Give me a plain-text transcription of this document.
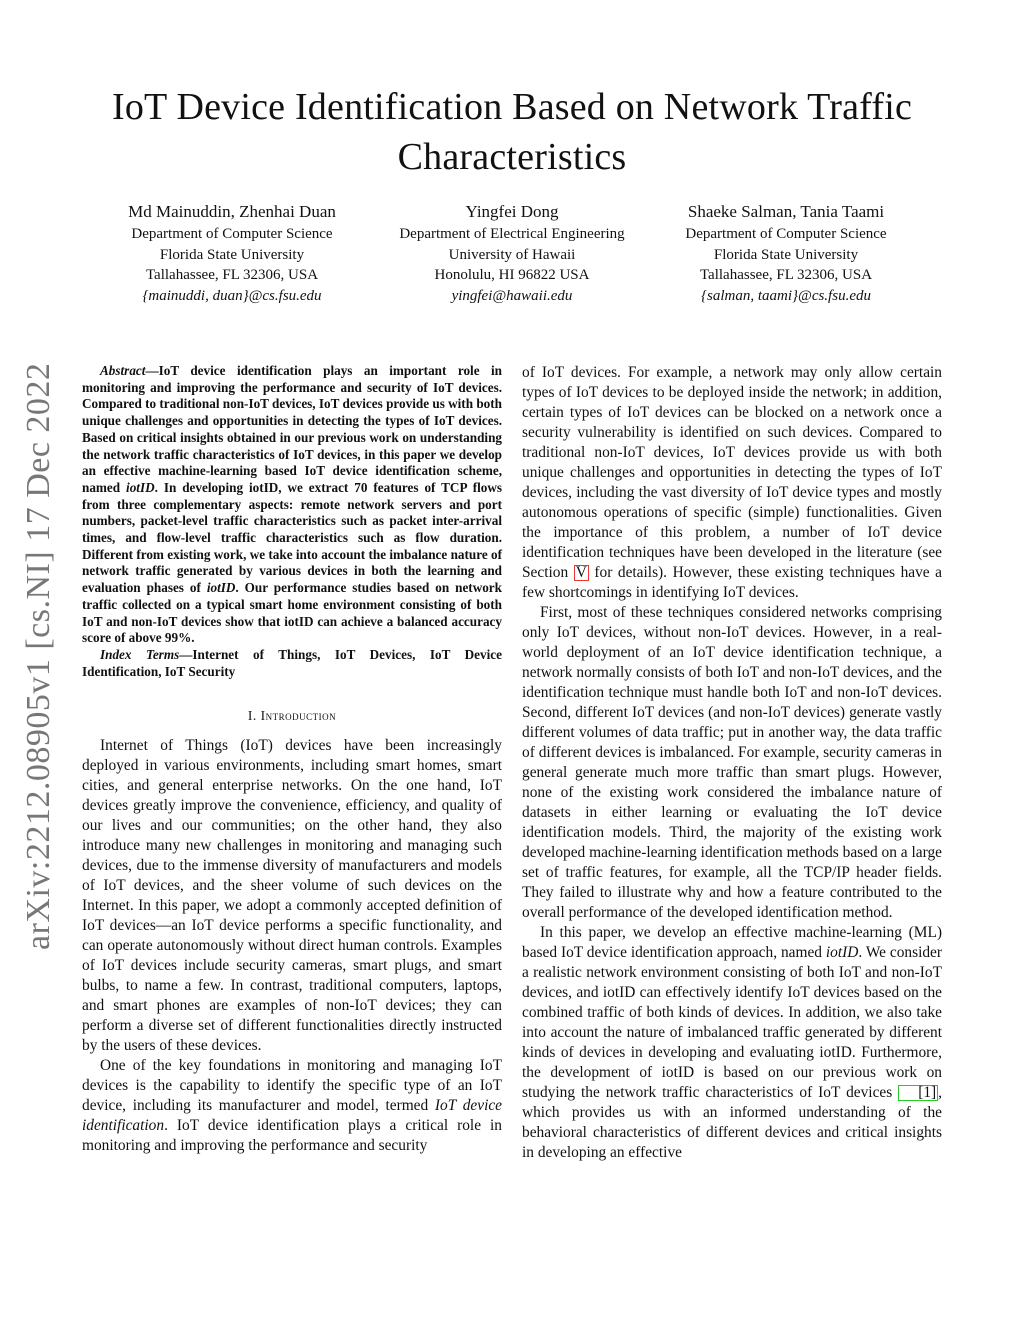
IoT Device Identification Based on Network Traffic Characteristics
Md Mainuddin, Zhenhai Duan
Department of Computer Science
Florida State University
Tallahassee, FL 32306, USA
{mainuddi, duan}@cs.fsu.edu
Yingfei Dong
Department of Electrical Engineering
University of Hawaii
Honolulu, HI 96822 USA
yingfei@hawaii.edu
Shaeke Salman, Tania Taami
Department of Computer Science
Florida State University
Tallahassee, FL 32306, USA
{salman, taami}@cs.fsu.edu
arXiv:2212.08905v1 [cs.NI] 17 Dec 2022	Abstract—IoT device identification plays an important role in monitoring and improving the performance and security of IoT devices. Compared to traditional non-IoT devices, IoT devices provide us with both unique challenges and opportunities in detecting the types of IoT devices. Based on critical insights obtained in our previous work on understanding the network traffic characteristics of IoT devices, in this paper we develop an effective machine-learning based IoT device identification scheme, named iotID. In developing iotID, we extract 70 features of TCP flows from three complementary aspects: remote network servers and port numbers, packet-level traffic characteristics such as packet inter-arrival times, and flow-level traffic characteristics such as flow duration. Different from existing work, we take into account the imbalance nature of network traffic generated by various devices in both the learning and evaluation phases of iotID. Our performance studies based on network traffic collected on a typical smart home environment consisting of both IoT and non-IoT devices show that iotID can achieve a balanced accuracy score of above 99%.

Index Terms—Internet of Things, IoT Devices, IoT Device Identification, IoT Security

I. Introduction

Internet of Things (IoT) devices have been increasingly deployed in various environments, including smart homes, smart cities, and general enterprise networks. On the one hand, IoT devices greatly improve the convenience, efficiency, and quality of our lives and our communities; on the other hand, they also introduce many new challenges in monitoring and managing such devices, due to the immense diversity of manufacturers and models of IoT devices, and the sheer volume of such devices on the Internet. In this paper, we adopt a commonly accepted definition of IoT devices—an IoT device performs a specific functionality, and can operate autonomously without direct human controls. Examples of IoT devices include security cameras, smart plugs, and smart bulbs, to name a few. In contrast, traditional computers, laptops, and smart phones are examples of non-IoT devices; they can perform a diverse set of different functionalities directly instructed by the users of these devices.

One of the key foundations in monitoring and managing IoT devices is the capability to identify the specific type of an IoT device, including its manufacturer and model, termed IoT device identification. IoT device identification plays a critical role in monitoring and improving the performance and security

of IoT devices. For example, a network may only allow certain types of IoT devices to be deployed inside the network; in addition, certain types of IoT devices can be blocked on a network once a security vulnerability is identified on such devices. Compared to traditional non-IoT devices, IoT devices provide us with both unique challenges and opportunities in detecting the types of IoT devices, including the vast diversity of IoT device types and mostly autonomous operations of specific (simple) functionalities. Given the importance of this problem, a number of IoT device identification techniques have been developed in the literature (see Section V for details). However, these existing techniques have a few shortcomings in identifying IoT devices.

First, most of these techniques considered networks comprising only IoT devices, without non-IoT devices. However, in a real-world deployment of an IoT device identification technique, a network normally consists of both IoT and non-IoT devices, and the identification technique must handle both IoT and non-IoT devices. Second, different IoT devices (and non-IoT devices) generate vastly different volumes of data traffic; put in another way, the data traffic of different devices is imbalanced. For example, security cameras in general generate much more traffic than smart plugs. However, none of the existing work considered the imbalance nature of datasets in either learning or evaluating the IoT device identification models. Third, the majority of the existing work developed machine-learning identification methods based on a large set of traffic features, for example, all the TCP/IP header fields. They failed to illustrate why and how a feature contributed to the overall performance of the developed identification method.

In this paper, we develop an effective machine-learning (ML) based IoT device identification approach, named iotID. We consider a realistic network environment consisting of both IoT and non-IoT devices, and iotID can effectively identify IoT devices based on the combined traffic of both kinds of devices. In addition, we also take into account the nature of imbalanced traffic generated by different kinds of devices in developing and evaluating iotID. Furthermore, the development of iotID is based on our previous work on studying the network traffic characteristics of IoT devices [1] , which provides us with an informed understanding of the behavioral characteristics of different devices and critical insights in developing an effective
